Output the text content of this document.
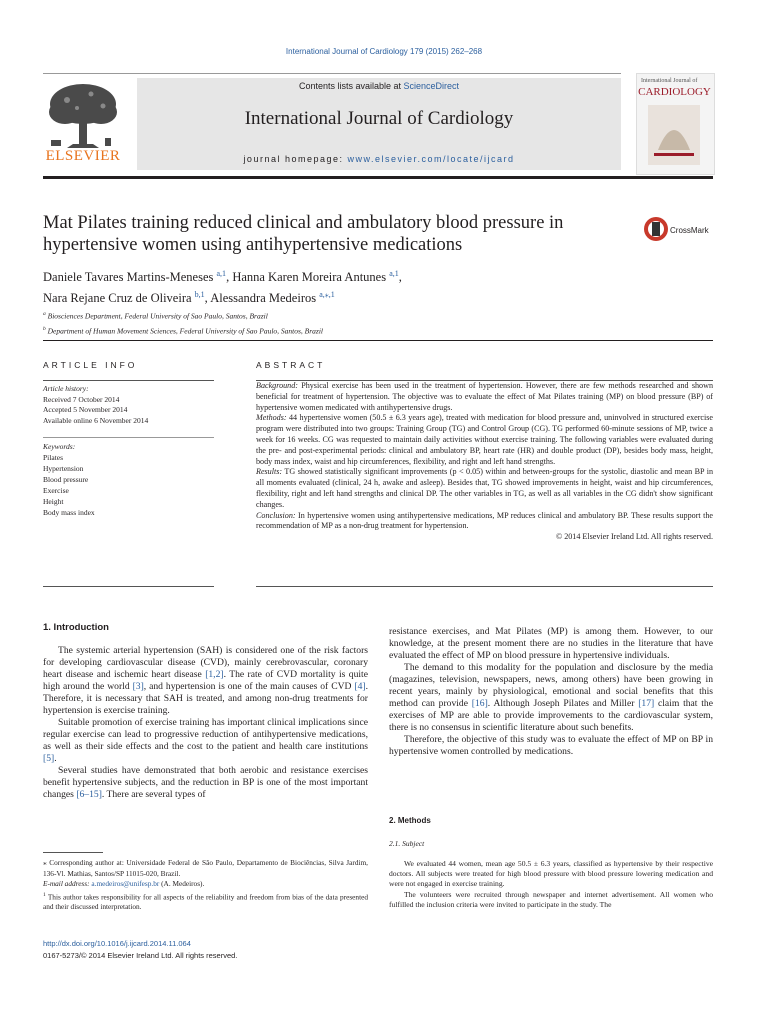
International Journal of Cardiology 179 (2015) 262–268
Contents lists available at ScienceDirect
International Journal of Cardiology
journal homepage: www.elsevier.com/locate/ijcard
ELSEVIER
International Journal of
CARDIOLOGY
Mat Pilates training reduced clinical and ambulatory blood pressure in
hypertensive women using antihypertensive medications
CrossMark
Daniele Tavares Martins-Meneses $^{a,1}$, Hanna Karen Moreira Antunes $^{a,1}$,
Nara Rejane Cruz de Oliveira $^{b,1}$, Alessandra Medeiros $^{a,⁎,1}$
$^a$ Biosciences Department, Federal University of Sao Paulo, Santos, Brazil
$^b$ Department of Human Movement Sciences, Federal University of Sao Paulo, Santos, Brazil
ARTICLE INFO
Article history:
Received 7 October 2014
Accepted 5 November 2014
Available online 6 November 2014
Keywords:
Pilates
Hypertension
Blood pressure
Exercise
Height
Body mass index
ABSTRACT

Background: Physical exercise has been used in the treatment of hypertension. However, there are few methods researched and shown beneficial for treatment of hypertension. The objective was to evaluate the effect of Mat Pilates training (MP) on blood pressure (BP) of hypertensive women medicated with antihypertensive drugs.
Methods: 44 hypertensive women (50.5 ± 6.3 years age), treated with medication for blood pressure and, uninvolved in structured exercise program were distributed into two groups: Training Group (TG) and Control Group (CG). TG performed 60-minute sessions of MP, twice a week for 16 weeks. CG was requested to maintain daily activities without exercise training. The following variables were evaluated during the pre- and post-experimental periods: clinical and ambulatory BP, heart rate (HR) and double product (DP), besides body mass, height, body mass index, waist and hip circumferences, flexibility, and right and left hand strengths.
Results: TG showed statistically significant improvements (p < 0.05) within and between-groups for the systolic, diastolic and mean BP in all moments evaluated (clinical, 24 h, awake and asleep). Besides that, TG showed improvements in height, waist and hip circumferences, flexibility, right and left hand strengths and clinical DP. The other variables in TG, as well as all variables in the CG didn't show significant changes.
Conclusion: In hypertensive women using antihypertensive medications, MP reduces clinical and ambulatory BP. These results support the recommendation of MP as a non-drug treatment for hypertension.

© 2014 Elsevier Ireland Ltd. All rights reserved.

1. Introduction

The systemic arterial hypertension (SAH) is considered one of the risk factors for developing cardiovascular disease (CVD), mainly cerebrovascular, coronary heart disease and ischemic heart disease [1,2]. The rate of CVD mortality is quite high around the world [3], and hypertension is one of the main causes of CVD [4]. Therefore, it is necessary that SAH is treated, and among non-drug treatments for hypertension is exercise training.

Suitable promotion of exercise training has important clinical implications since regular exercise can lead to progressive reduction of antihypertensive medications, as well as their side effects and the cost to the patient and health care institutions [5].

Several studies have demonstrated that both aerobic and resistance exercises benefit hypertensive subjects, and the reduction in BP is one of the most important changes [6–15]. There are several types of

⁎ Corresponding author at: Universidade Federal de São Paulo, Departamento de Biociências, Silva Jardim, 136-Vl. Mathias, Santos/SP 11015-020, Brazil.

E-mail address: a.medeiros@unifesp.br (A. Medeiros).

$^1$ This author takes responsibility for all aspects of the reliability and freedom from bias of the data presented and their discussed interpretation.

http://dx.doi.org/10.1016/j.ijcard.2014.11.064
0167-5273/© 2014 Elsevier Ireland Ltd. All rights reserved.

resistance exercises, and Mat Pilates (MP) is among them. However, to our knowledge, at the present moment there are no studies in the literature that have evaluated the effect of MP on blood pressure in hypertensive individuals.

The demand to this modality for the population and disclosure by the media (magazines, television, newspapers, news, among others) have been growing in recent years, mainly by physiological, emotional and social benefits that this method can provide [16]. Although Joseph Pilates and Miller [17] claim that the exercises of MP are able to provide improvements to the cardiovascular system, there is no consensus in scientific literature about such benefits.

Therefore, the objective of this study was to evaluate the effect of MP on BP in hypertensive women controlled by medications.

2. Methods
2.1. Subject

We evaluated 44 women, mean age 50.5 ± 6.3 years, classified as hypertensive by their respective doctors. All subjects were treated for high blood pressure with blood pressure lowering medication and were not engaged in exercise training.

The volunteers were recruited through newspaper and internet advertisement. All women who fulfilled the inclusion criteria were invited to participate in the study. The
